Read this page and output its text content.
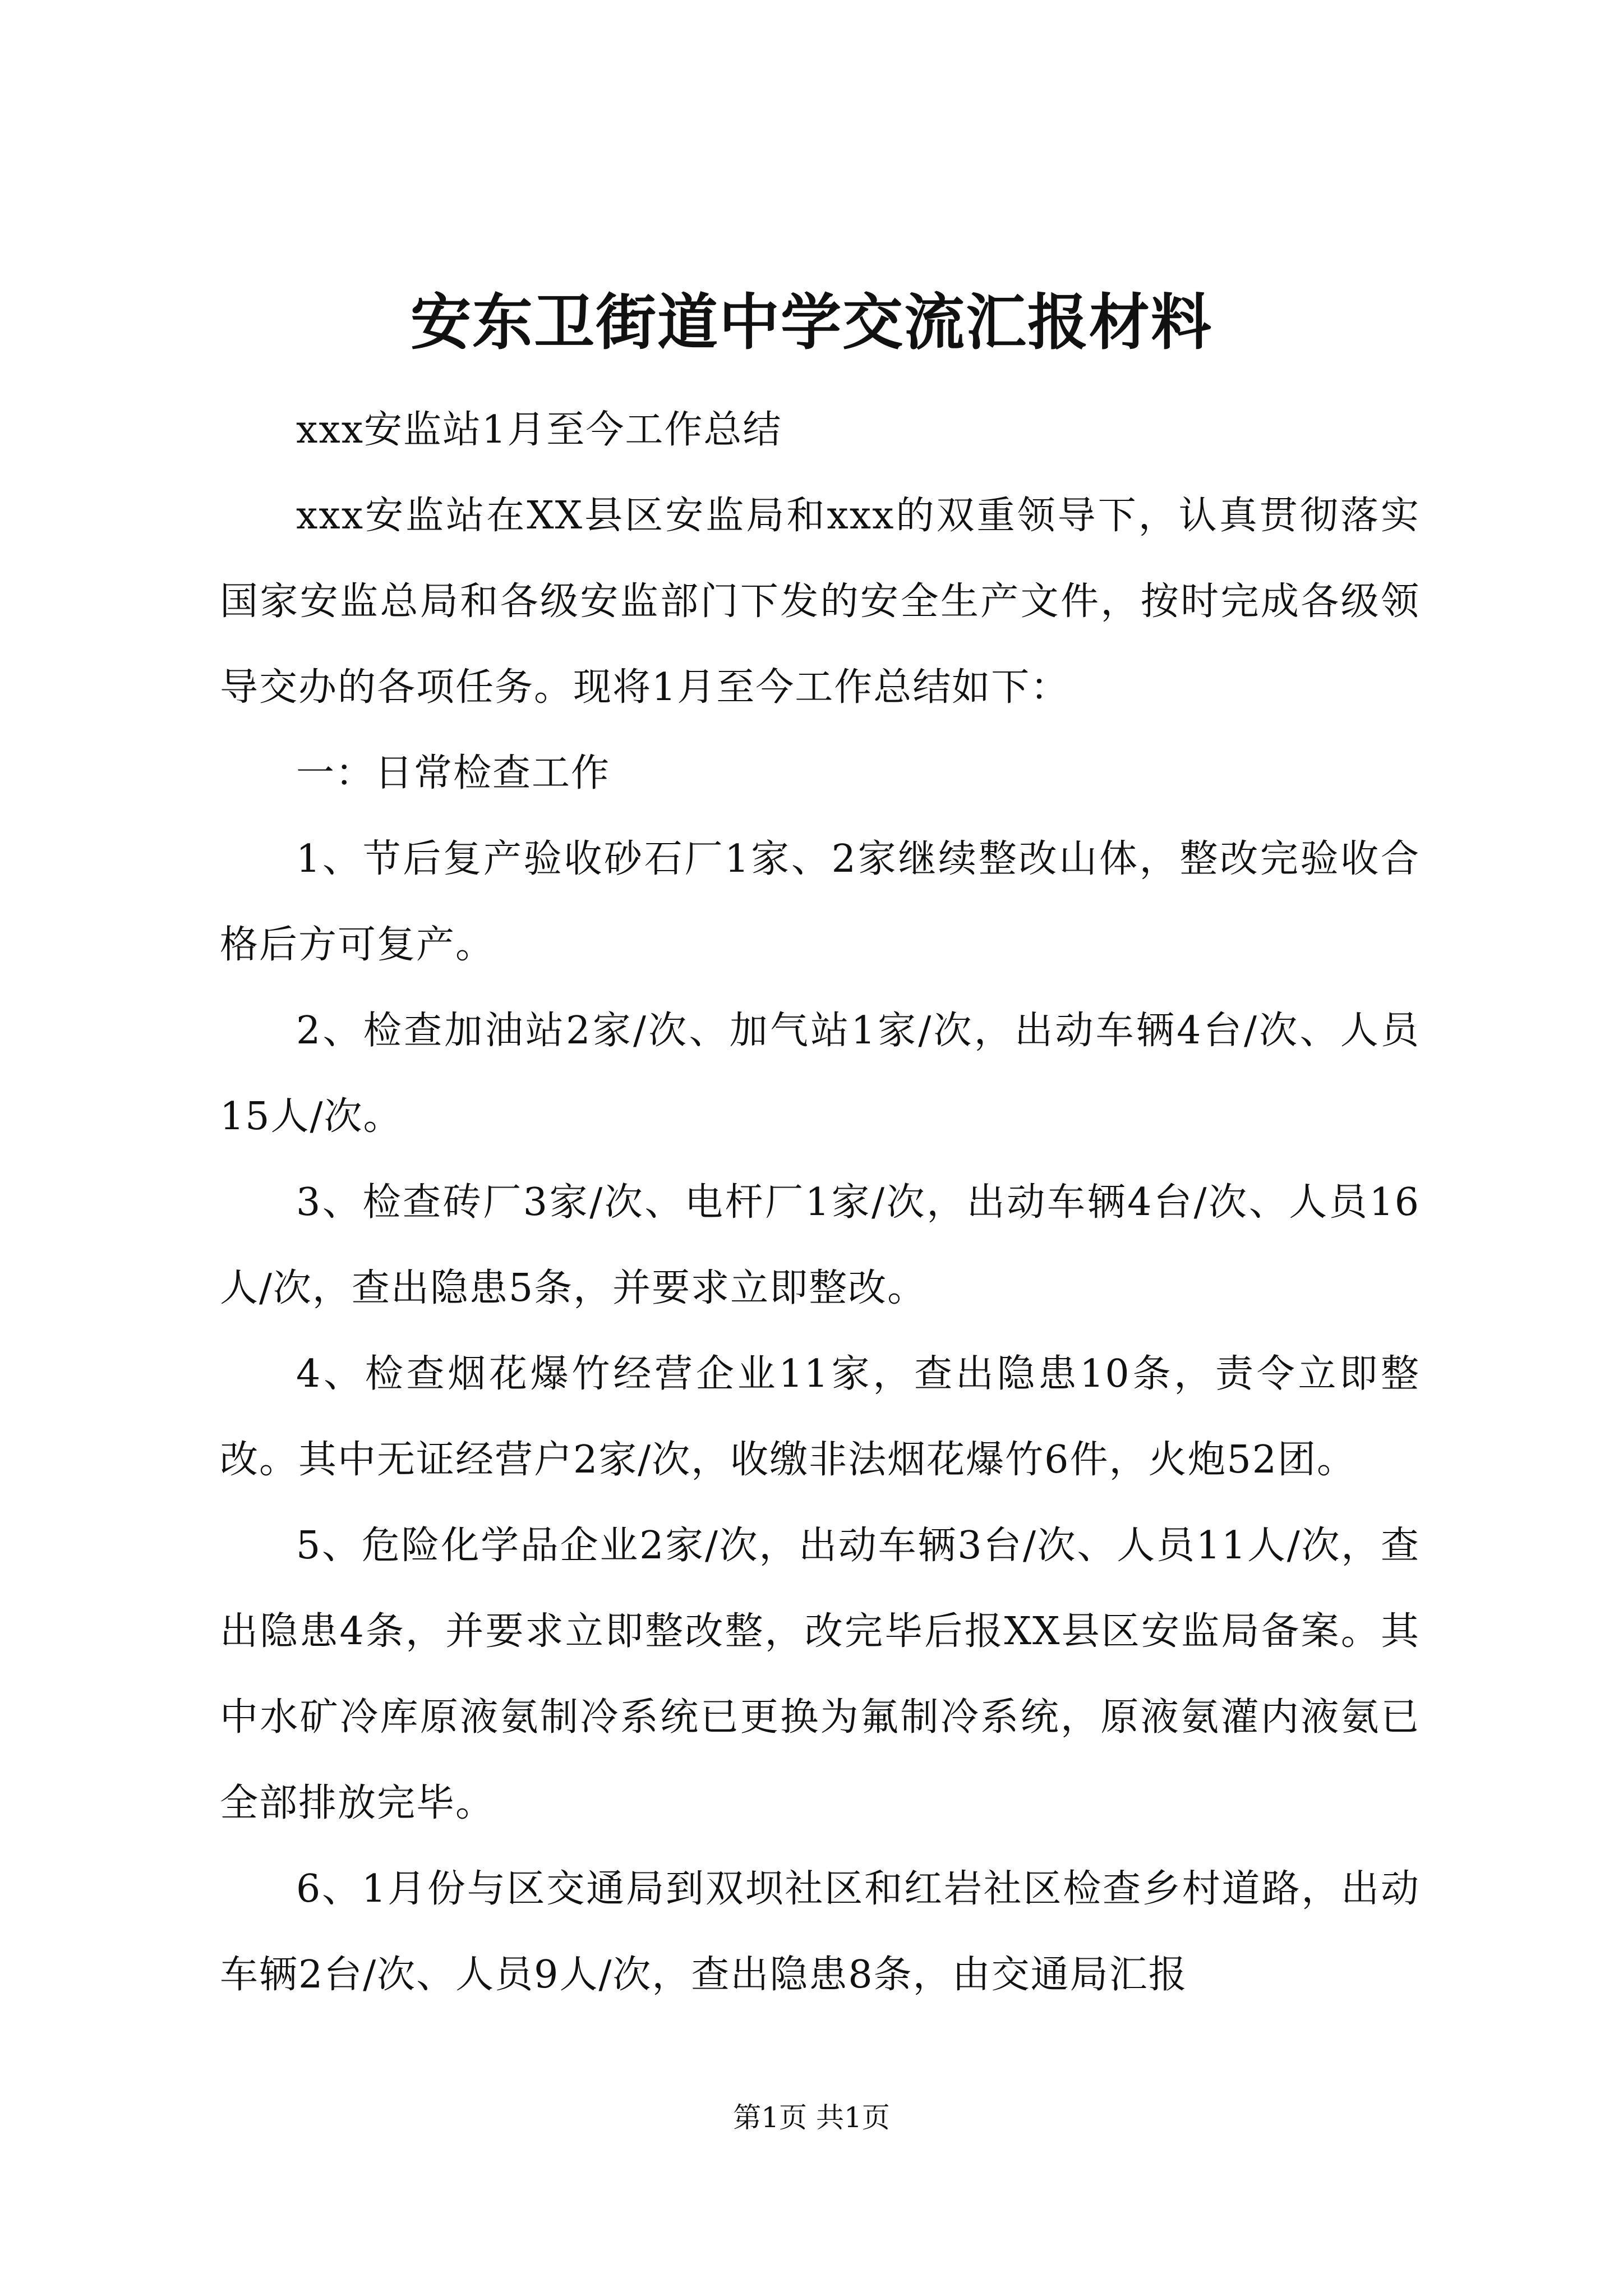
安东卫街道中学交流汇报材料

xxx安监站1月至今工作总结

xxx安监站在XX县区安监局和xxx的双重领导下，认真贯彻落实国家安监总局和各级安监部门下发的安全生产文件，按时完成各级领导交办的各项任务。现将1月至今工作总结如下：

一：日常检查工作

1、节后复产验收砂石厂1家、2家继续整改山体，整改完验收合格后方可复产。

2、检查加油站2家/次、加气站1家/次，出动车辆4台/次、人员15人/次。

3、检查砖厂3家/次、电杆厂1家/次，出动车辆4台/次、人员16人/次，查出隐患5条，并要求立即整改。

4、检查烟花爆竹经营企业11家，查出隐患10条，责令立即整改。其中无证经营户2家/次，收缴非法烟花爆竹6件，火炮52团。

5、危险化学品企业2家/次，出动车辆3台/次、人员11人/次，查出隐患4条，并要求立即整改整，改完毕后报XX县区安监局备案。其中水矿冷库原液氨制冷系统已更换为氟制冷系统，原液氨灌内液氨已全部排放完毕。

6、1月份与区交通局到双坝社区和红岩社区检查乡村道路，出动车辆2台/次、人员9人/次，查出隐患8条，由交通局汇报

第1页 共1页
